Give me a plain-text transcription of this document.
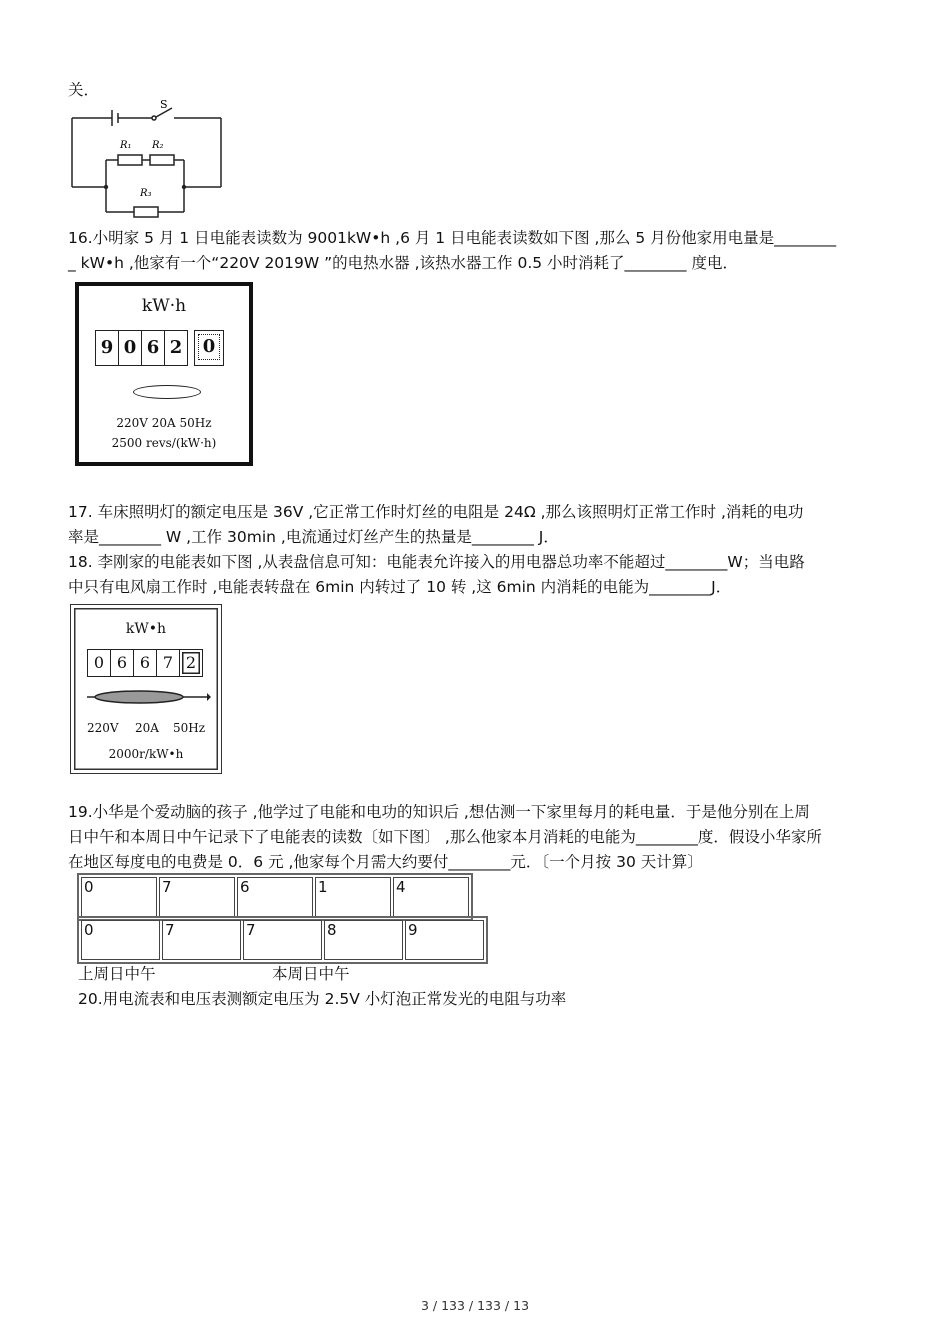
关．
S
R₁ R₂
R₃
16.小明家 5 月 1 日电能表读数为 9001kW•h ,6 月 1 日电能表读数如下图 ,那么 5 月份他家用电量是________
_ kW•h ,他家有一个“220V 2019W ”的电热水器 ,该热水器工作 0.5 小时消耗了________ 度电．
kW·h
9 0 6 2	0
220V 20A 50Hz
2500 revs/(kW·h)
17. 车床照明灯的额定电压是 36V ,它正常工作时灯丝的电阻是 24Ω ,那么该照明灯正常工作时 ,消耗的电功
率是________ W ,工作 30min ,电流通过灯丝产生的热量是________ J．
18. 李刚家的电能表如下图 ,从表盘信息可知：电能表允许接入的用电器总功率不能超过________W；当电路
中只有电风扇工作时 ,电能表转盘在 6min 内转过了 10 转 ,这 6min 内消耗的电能为________J．
kW•h
0 6 6 7 2
220V 20A 50Hz
2000r/kW•h
19.小华是个爱动脑的孩子 ,他学过了电能和电功的知识后 ,想估测一下家里每月的耗电量．于是他分别在上周
日中午和本周日中午记录下了电能表的读数〔如下图〕 ,那么他家本月消耗的电能为________度．假设小华家所
在地区每度电的电费是 0．6 元 ,他家每个月需大约要付________元．〔一个月按 30 天计算〕
0	7	6	1	4
0	7	7	8	9
上周日中午	本周日中午
20.用电流表和电压表测额定电压为 2.5V 小灯泡正常发光的电阻与功率
3 / 133 / 133 / 13
